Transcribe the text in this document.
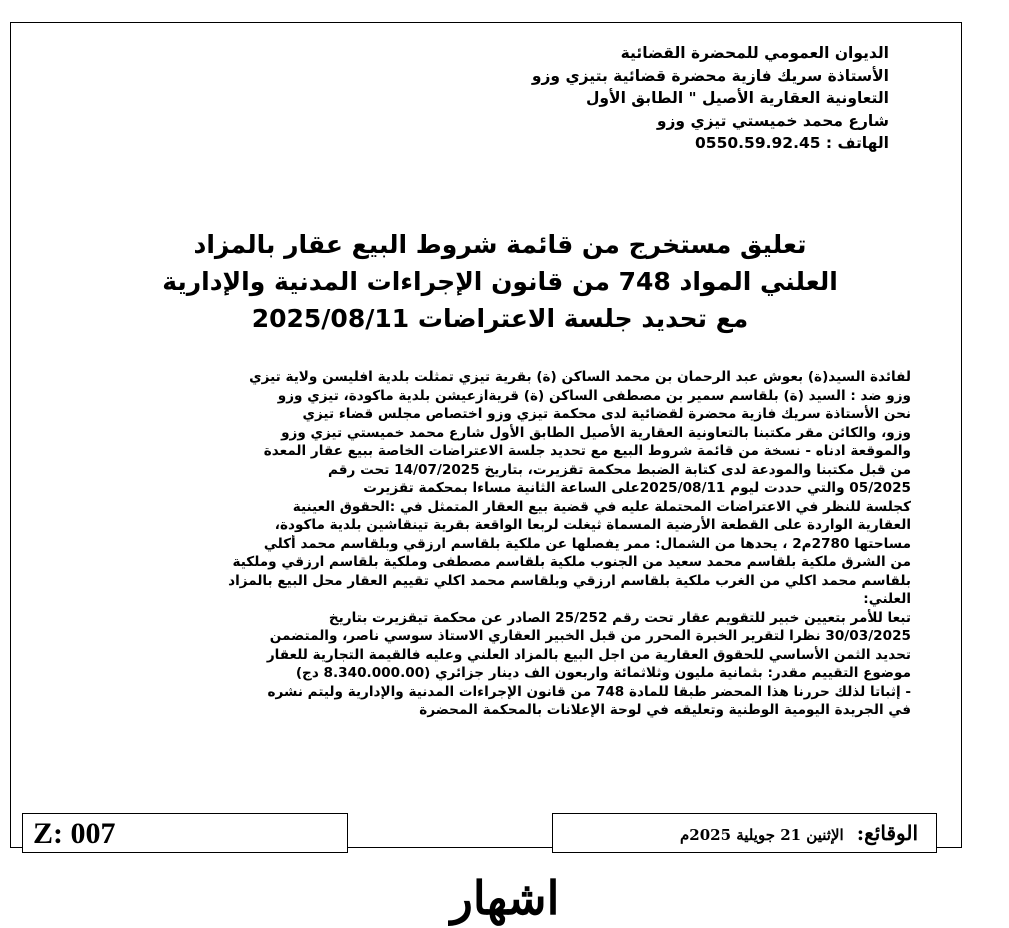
الديوان العمومي للمحضرة القضائية
الأستاذة سريك فازية محضرة قضائية بتيزي وزو
التعاونية العقارية الأصيل " الطابق الأول
شارع محمد خميستي تيزي وزو
الهاتف : 0550.59.92.45
تعليق مستخرج من قائمة شروط البيع عقار بالمزاد
العلني المواد 748 من قانون الإجراءات المدنية والإدارية
مع تحديد جلسة الاعتراضات 2025/08/11
لفائدة السيد(ة) بعوش عبد الرحمان بن محمد الساكن (ة) بقرية تيزي تمثلت بلدية افليسن ولاية تيزي
وزو ضد : السيد (ة) بلقاسم سمير بن مصطفى الساكن (ة) قريةازعيشن بلدية ماكودة، تيزي وزو
نحن الأستاذة سريك فازية محضرة لقضائية لدى محكمة تيزي وزو اختصاص مجلس قضاء تيزي
وزو، والكائن مقر مكتبنا بالتعاونية العقارية الأصيل الطابق الأول شارع محمد خميستي تيزي وزو
والموقعة ادناه - نسخة من قائمة شروط البيع مع تحديد جلسة الاعتراضات الخاصة ببيع عقار المعدة
من قبل مكتبنا والمودعة لدى كتابة الضبط محكمة تقزيرت، بتاريخ 14/07/2025 تحت رقم
05/2025 والتي حددت ليوم 2025/08/11على الساعة الثانية مساءا بمحكمة تقزيرت
كجلسة للنظر في الاعتراضات المحتملة عليه في قضية بيع العقار المتمثل في :الحقوق العينية
العقارية الواردة على القطعة الأرضية المسماة ثيغلت لربعا الواقعة بقرية تينقاشين بلدية ماكودة،
مساحتها 2780م2 ، يحدها من الشمال: ممر يفصلها عن ملكية بلقاسم ارزقي وبلقاسم محمد أكلي
من الشرق ملكية بلقاسم محمد سعيد من الجنوب ملكية بلقاسم مصطفى وملكية بلقاسم ارزقي وملكية
بلقاسم محمد اكلي من الغرب ملكية بلقاسم ارزقي وبلقاسم محمد اكلي تقييم العقار محل البيع بالمزاد
العلني:
تبعا للأمر بتعيين خبير للتقويم عقار تحت رقم 25/252 الصادر عن محكمة تيقزيرت بتاريخ
30/03/2025 نظرا لتقرير الخبرة المحرر من قبل الخبير العقاري الاستاذ سوسي ناصر، والمتضمن
تحديد الثمن الأساسي للحقوق العقارية من اجل البيع بالمزاد العلني وعليه فالقيمة التجارية للعقار
موضوع التقييم مقدر: بثمانية مليون وثلاثمائة واربعون الف دينار جزائري (8.340.000.00 دج)
- إثباتا لذلك حررنا هذا المحضر طبقا للمادة 748 من قانون الإجراءات المدنية والإدارية وليتم نشره
في الجريدة اليومية الوطنية وتعليقه في لوحة الإعلانات بالمحكمة المحضرة
Z: 007	الوقائع: الإثنين 21 جويلية 2025م
اشهار
